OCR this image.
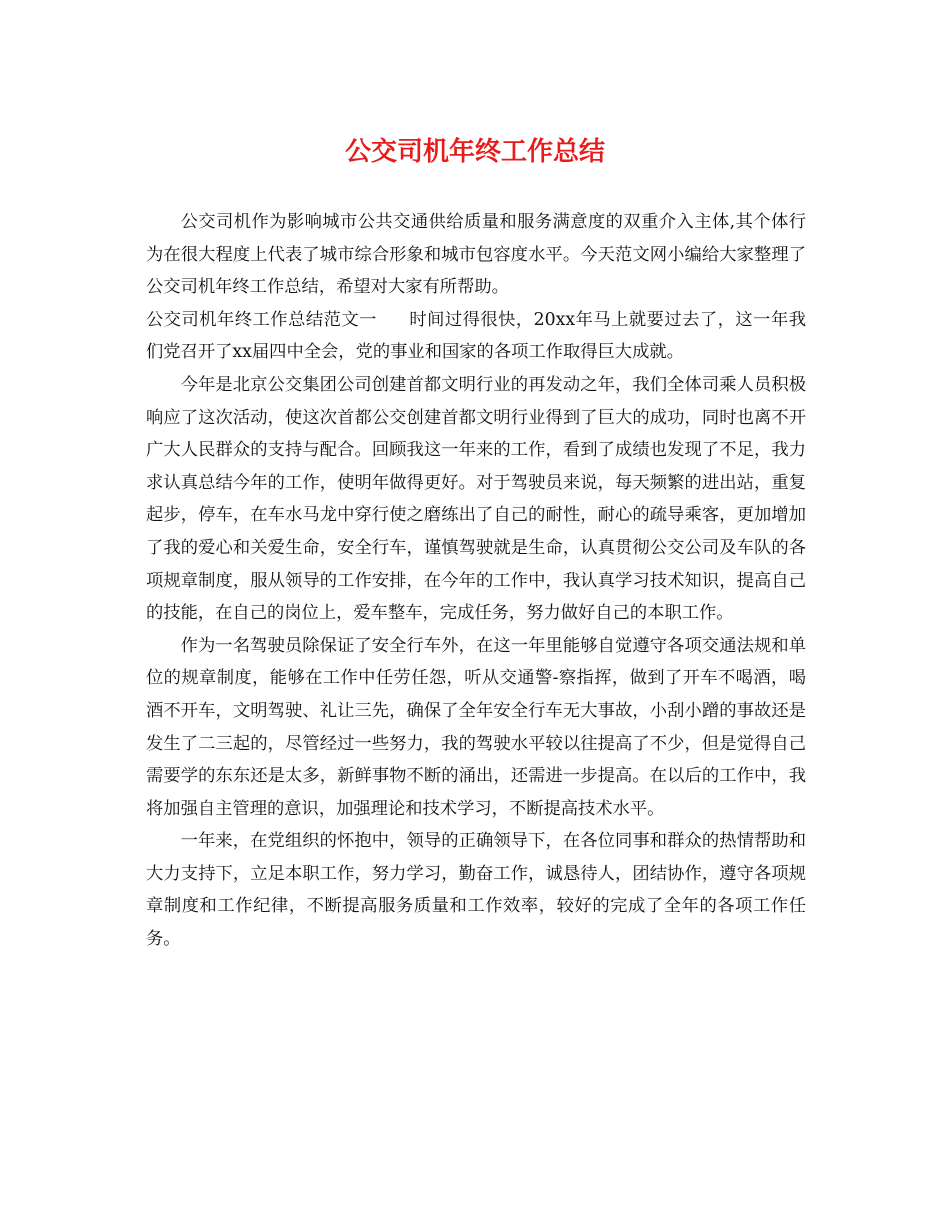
公交司机年终工作总结

公交司机作为影响城市公共交通供给质量和服务满意度的双重介入主体,其个体行为在很大程度上代表了城市综合形象和城市包容度水平。今天范文网小编给大家整理了公交司机年终工作总结，希望对大家有所帮助。

公交司机年终工作总结范文一 时间过得很快，20xx年马上就要过去了，这一年我们党召开了xx届四中全会，党的事业和国家的各项工作取得巨大成就。

今年是北京公交集团公司创建首都文明行业的再发动之年，我们全体司乘人员积极响应了这次活动，使这次首都公交创建首都文明行业得到了巨大的成功，同时也离不开广大人民群众的支持与配合。回顾我这一年来的工作，看到了成绩也发现了不足，我力求认真总结今年的工作，使明年做得更好。对于驾驶员来说，每天频繁的进出站，重复起步，停车，在车水马龙中穿行使之磨练出了自己的耐性，耐心的疏导乘客，更加增加了我的爱心和关爱生命，安全行车，谨慎驾驶就是生命，认真贯彻公交公司及车队的各项规章制度，服从领导的工作安排，在今年的工作中，我认真学习技术知识，提高自己的技能，在自己的岗位上，爱车整车，完成任务，努力做好自己的本职工作。

作为一名驾驶员除保证了安全行车外，在这一年里能够自觉遵守各项交通法规和单位的规章制度，能够在工作中任劳任怨，听从交通警-察指挥，做到了开车不喝酒，喝酒不开车，文明驾驶、礼让三先，确保了全年安全行车无大事故，小刮小蹭的事故还是发生了二三起的，尽管经过一些努力，我的驾驶水平较以往提高了不少，但是觉得自己需要学的东东还是太多，新鲜事物不断的涌出，还需进一步提高。在以后的工作中，我将加强自主管理的意识，加强理论和技术学习，不断提高技术水平。

一年来，在党组织的怀抱中，领导的正确领导下，在各位同事和群众的热情帮助和大力支持下，立足本职工作，努力学习，勤奋工作，诚恳待人，团结协作，遵守各项规章制度和工作纪律，不断提高服务质量和工作效率，较好的完成了全年的各项工作任务。
